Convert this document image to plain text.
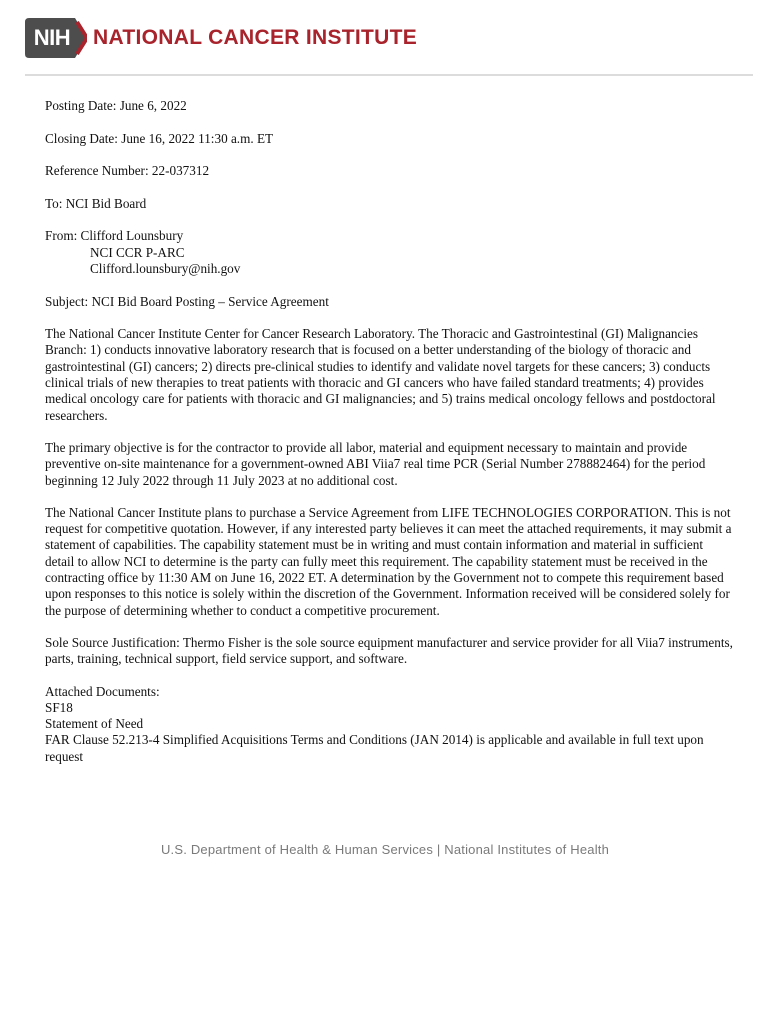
NIH	NATIONAL CANCER INSTITUTE
Posting Date: June 6, 2022
Closing Date: June 16, 2022 11:30 a.m. ET
Reference Number: 22-037312
To: NCI Bid Board
From: Clifford Lounsbury
NCI CCR P-ARC
Clifford.lounsbury@nih.gov
Subject: NCI Bid Board Posting – Service Agreement

The National Cancer Institute Center for Cancer Research Laboratory. The Thoracic and Gastrointestinal (GI) Malignancies Branch: 1) conducts innovative laboratory research that is focused on a better understanding of the biology of thoracic and gastrointestinal (GI) cancers; 2) directs pre-clinical studies to identify and validate novel targets for these cancers; 3) conducts clinical trials of new therapies to treat patients with thoracic and GI cancers who have failed standard treatments; 4) provides medical oncology care for patients with thoracic and GI malignancies; and 5) trains medical oncology fellows and postdoctoral researchers.

The primary objective is for the contractor to provide all labor, material and equipment necessary to maintain and provide preventive on-site maintenance for a government-owned ABI Viia7 real time PCR (Serial Number 278882464) for the period beginning 12 July 2022 through 11 July 2023 at no additional cost.

The National Cancer Institute plans to purchase a Service Agreement from LIFE TECHNOLOGIES CORPORATION. This is not request for competitive quotation. However, if any interested party believes it can meet the attached requirements, it may submit a statement of capabilities. The capability statement must be in writing and must contain information and material in sufficient detail to allow NCI to determine is the party can fully meet this requirement. The capability statement must be received in the contracting office by 11:30 AM on June 16, 2022 ET. A determination by the Government not to compete this requirement based upon responses to this notice is solely within the discretion of the Government. Information received will be considered solely for the purpose of determining whether to conduct a competitive procurement.

Sole Source Justification: Thermo Fisher is the sole source equipment manufacturer and service provider for all Viia7 instruments, parts, training, technical support, field service support, and software.

Attached Documents:
SF18
Statement of Need
FAR Clause 52.213-4 Simplified Acquisitions Terms and Conditions (JAN 2014) is applicable and available in full text upon request
U.S. Department of Health & Human Services | National Institutes of Health
